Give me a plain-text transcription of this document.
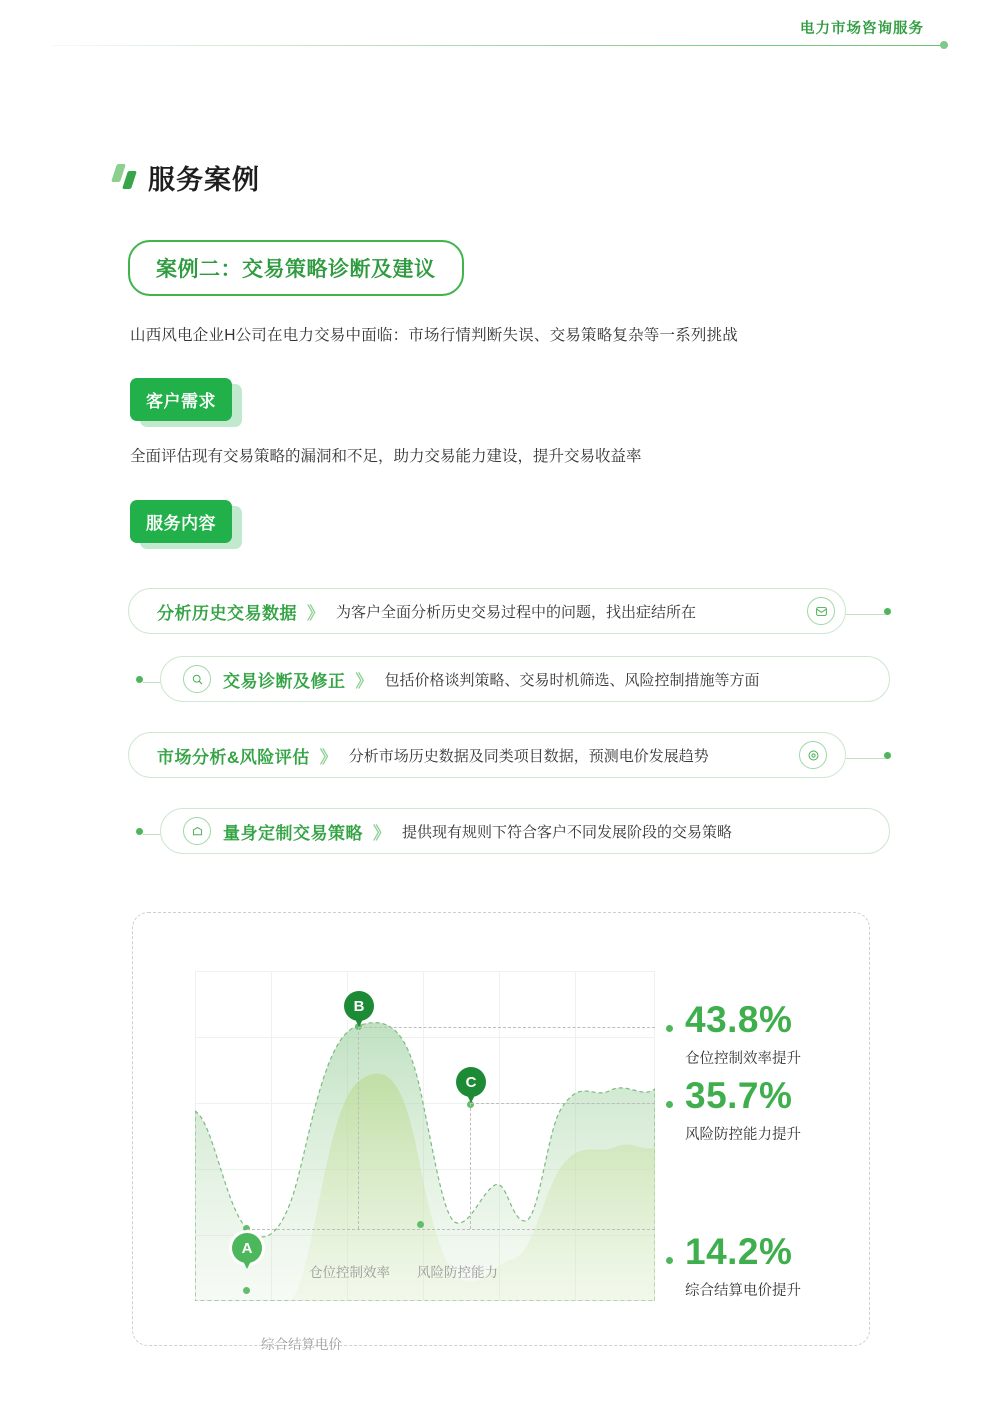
电力市场咨询服务
服务案例
案例二：交易策略诊断及建议
山西风电企业H公司在电力交易中面临：市场行情判断失误、交易策略复杂等一系列挑战
客户需求
全面评估现有交易策略的漏洞和不足，助力交易能力建设，提升交易收益率
服务内容
分析历史交易数据 》 为客户全面分析历史交易过程中的问题，找出症结所在
交易诊断及修正 》 包括价格谈判策略、交易时机筛选、风险控制措施等方面
市场分析&风险评估 》 分析市场历史数据及同类项目数据，预测电价发展趋势
量身定制交易策略 》 提供现有规则下符合客户不同发展阶段的交易策略
A
B
C
仓位控制效率 风险防控能力
综合结算电价
43.8%
仓位控制效率提升
35.7%
风险防控能力提升
14.2%
综合结算电价提升
